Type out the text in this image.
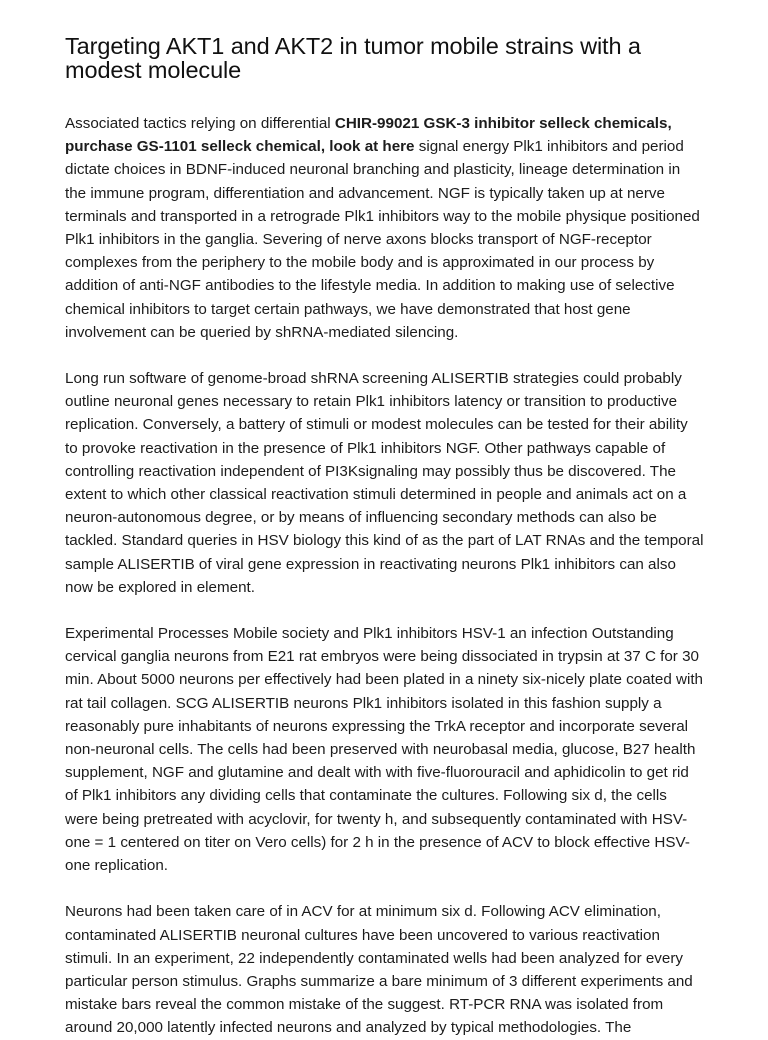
Targeting AKT1 and AKT2 in tumor mobile strains with a modest molecule

Associated tactics relying on differential CHIR-99021 GSK-3 inhibitor selleck chemicals, purchase GS-1101 selleck chemical, look at here signal energy Plk1 inhibitors and period dictate choices in BDNF-induced neuronal branching and plasticity, lineage determination in the immune program, differentiation and advancement. NGF is typically taken up at nerve terminals and transported in a retrograde Plk1 inhibitors way to the mobile physique positioned Plk1 inhibitors in the ganglia. Severing of nerve axons blocks transport of NGF-receptor complexes from the periphery to the mobile body and is approximated in our process by addition of anti-NGF antibodies to the lifestyle media. In addition to making use of selective chemical inhibitors to target certain pathways, we have demonstrated that host gene involvement can be queried by shRNA-mediated silencing.

Long run software of genome-broad shRNA screening ALISERTIB strategies could probably outline neuronal genes necessary to retain Plk1 inhibitors latency or transition to productive replication. Conversely, a battery of stimuli or modest molecules can be tested for their ability to provoke reactivation in the presence of Plk1 inhibitors NGF. Other pathways capable of controlling reactivation independent of PI3Ksignaling may possibly thus be discovered. The extent to which other classical reactivation stimuli determined in people and animals act on a neuron-autonomous degree, or by means of influencing secondary methods can also be tackled. Standard queries in HSV biology this kind of as the part of LAT RNAs and the temporal sample ALISERTIB of viral gene expression in reactivating neurons Plk1 inhibitors can also now be explored in element.

Experimental Processes Mobile society and Plk1 inhibitors HSV-1 an infection Outstanding cervical ganglia neurons from E21 rat embryos were being dissociated in trypsin at 37 C for 30 min. About 5000 neurons per effectively had been plated in a ninety six-nicely plate coated with rat tail collagen. SCG ALISERTIB neurons Plk1 inhibitors isolated in this fashion supply a reasonably pure inhabitants of neurons expressing the TrkA receptor and incorporate several non-neuronal cells. The cells had been preserved with neurobasal media, glucose, B27 health supplement, NGF and glutamine and dealt with with five-fluorouracil and aphidicolin to get rid of Plk1 inhibitors any dividing cells that contaminate the cultures. Following six d, the cells were being pretreated with acyclovir, for twenty h, and subsequently contaminated with HSV-one = 1 centered on titer on Vero cells) for 2 h in the presence of ACV to block effective HSV-one replication.

Neurons had been taken care of in ACV for at minimum six d. Following ACV elimination, contaminated ALISERTIB neuronal cultures have been uncovered to various reactivation stimuli. In an experiment, 22 independently contaminated wells had been analyzed for every particular person stimulus. Graphs summarize a bare minimum of 3 different experiments and mistake bars reveal the common mistake of the suggest. RT-PCR RNA was isolated from around 20,000 latently infected neurons and analyzed by typical methodologies. The
